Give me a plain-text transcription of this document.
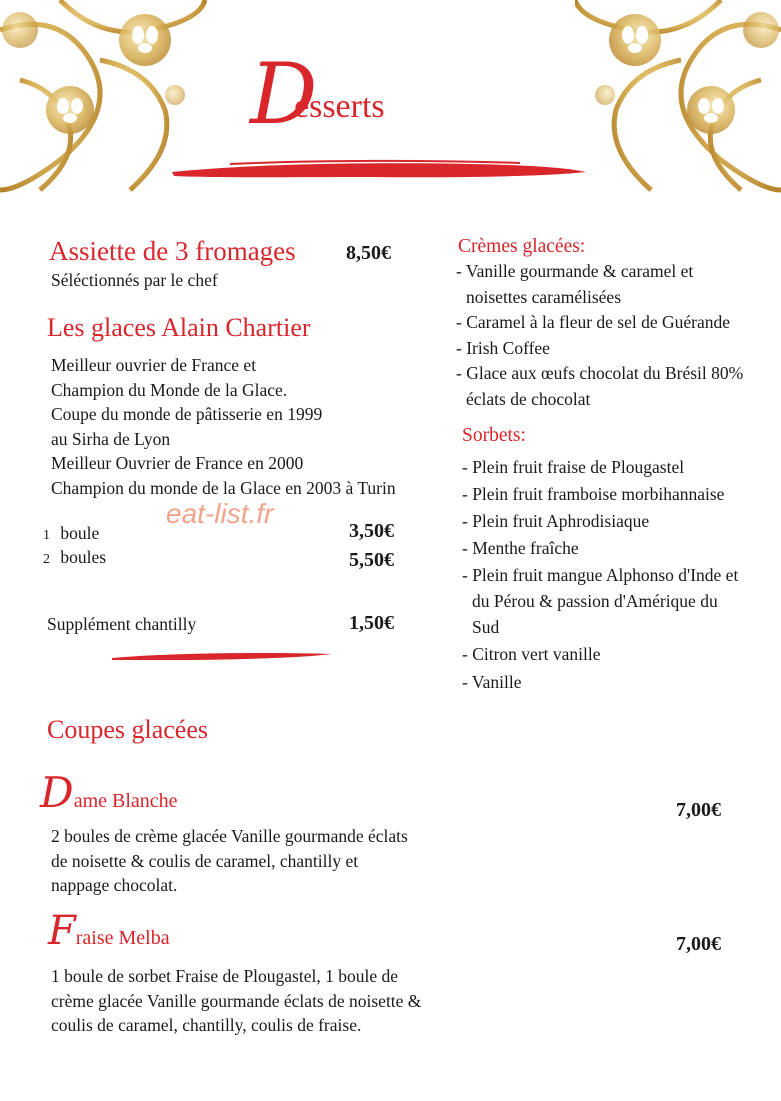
D
esserts
Assiette de 3 fromages	8,50€
Séléctionnés par le chef
Les glaces Alain Chartier
Meilleur ouvrier de France et
Champion du Monde de la Glace.
Coupe du monde de pâtisserie en 1999
au Sirha de Lyon
Meilleur Ouvrier de France en 2000
Champion du monde de la Glace en 2003 à Turin
eat-list.fr
1 boule	3,50€
2 boules	5,50€
Supplément chantilly	1,50€
Crèmes glacées:
- Vanille gourmande & caramel et
noisettes caramélisées
- Caramel à la fleur de sel de Guérande
- Irish Coffee
- Glace aux œufs chocolat du Brésil 80%
éclats de chocolat
Sorbets:
- Plein fruit fraise de Plougastel
- Plein fruit framboise morbihannaise
- Plein fruit Aphrodisiaque
- Menthe fraîche
- Plein fruit mangue Alphonso d'Inde et
du Pérou & passion d'Amérique du
Sud
- Citron vert vanille
- Vanille
Coupes glacées
Dame Blanche	7,00€
2 boules de crème glacée Vanille gourmande éclats
de noisette & coulis de caramel, chantilly et
nappage chocolat.
Fraise Melba	7,00€
1 boule de sorbet Fraise de Plougastel, 1 boule de
crème glacée Vanille gourmande éclats de noisette &
coulis de caramel, chantilly, coulis de fraise.
